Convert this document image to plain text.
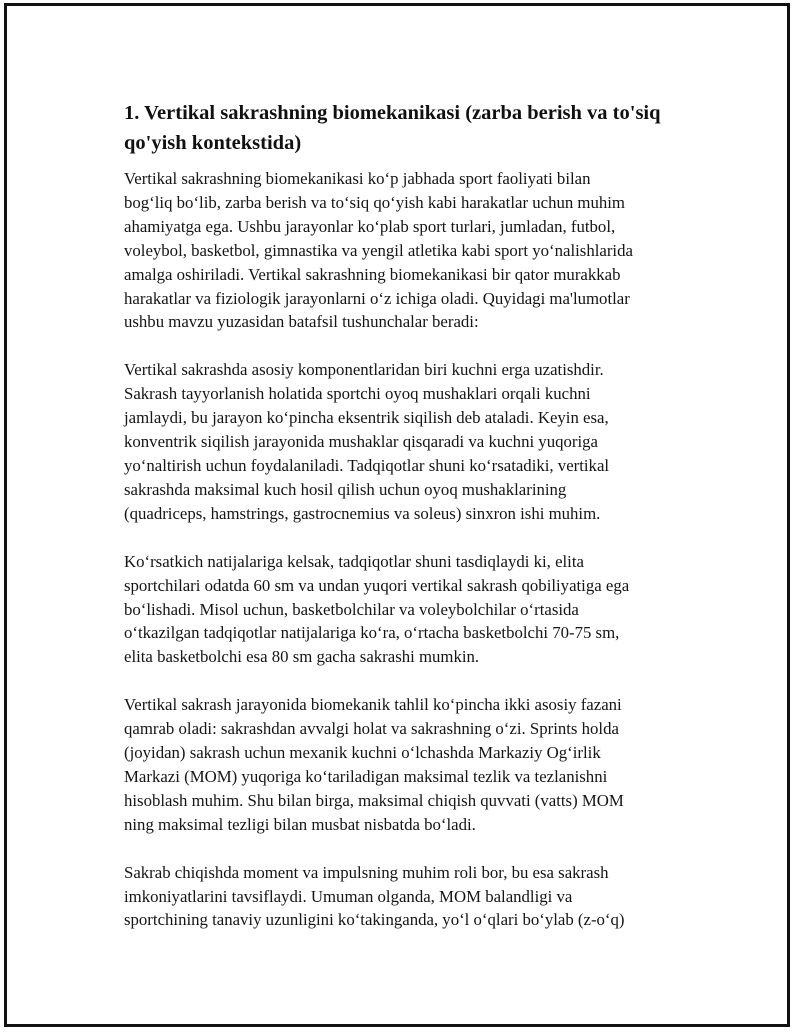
1. Vertikal sakrashning biomekanikasi (zarba berish va to'siq
qo'yish kontekstida)

Vertikal sakrashning biomekanikasi koʻp jabhada sport faoliyati bilan
bogʻliq boʻlib, zarba berish va toʻsiq qoʻyish kabi harakatlar uchun muhim
ahamiyatga ega. Ushbu jarayonlar koʻplab sport turlari, jumladan, futbol,
voleybol, basketbol, gimnastika va yengil atletika kabi sport yoʻnalishlarida
amalga oshiriladi. Vertikal sakrashning biomekanikasi bir qator murakkab
harakatlar va fiziologik jarayonlarni oʻz ichiga oladi. Quyidagi ma'lumotlar
ushbu mavzu yuzasidan batafsil tushunchalar beradi:

Vertikal sakrashda asosiy komponentlaridan biri kuchni erga uzatishdir.
Sakrash tayyorlanish holatida sportchi oyoq mushaklari orqali kuchni
jamlaydi, bu jarayon koʻpincha eksentrik siqilish deb ataladi. Keyin esa,
konventrik siqilish jarayonida mushaklar qisqaradi va kuchni yuqoriga
yoʻnaltirish uchun foydalaniladi. Tadqiqotlar shuni koʻrsatadiki, vertikal
sakrashda maksimal kuch hosil qilish uchun oyoq mushaklarining
(quadriceps, hamstrings, gastrocnemius va soleus) sinxron ishi muhim.

Koʻrsatkich natijalariga kelsak, tadqiqotlar shuni tasdiqlaydi ki, elita
sportchilari odatda 60 sm va undan yuqori vertikal sakrash qobiliyatiga ega
boʻlishadi. Misol uchun, basketbolchilar va voleybolchilar oʻrtasida
oʻtkazilgan tadqiqotlar natijalariga koʻra, oʻrtacha basketbolchi 70-75 sm,
elita basketbolchi esa 80 sm gacha sakrashi mumkin.

Vertikal sakrash jarayonida biomekanik tahlil koʻpincha ikki asosiy fazani
qamrab oladi: sakrashdan avvalgi holat va sakrashning oʻzi. Sprints holda
(joyidan) sakrash uchun mexanik kuchni oʻlchashda Markaziy Ogʻirlik
Markazi (MOM) yuqoriga koʻtariladigan maksimal tezlik va tezlanishni
hisoblash muhim. Shu bilan birga, maksimal chiqish quvvati (vatts) MOM
ning maksimal tezligi bilan musbat nisbatda boʻladi.

Sakrab chiqishda moment va impulsning muhim roli bor, bu esa sakrash
imkoniyatlarini tavsiflaydi. Umuman olganda, MOM balandligi va
sportchining tanaviy uzunligini koʻtakinganda, yoʻl oʻqlari boʻylab (z-oʻq)
